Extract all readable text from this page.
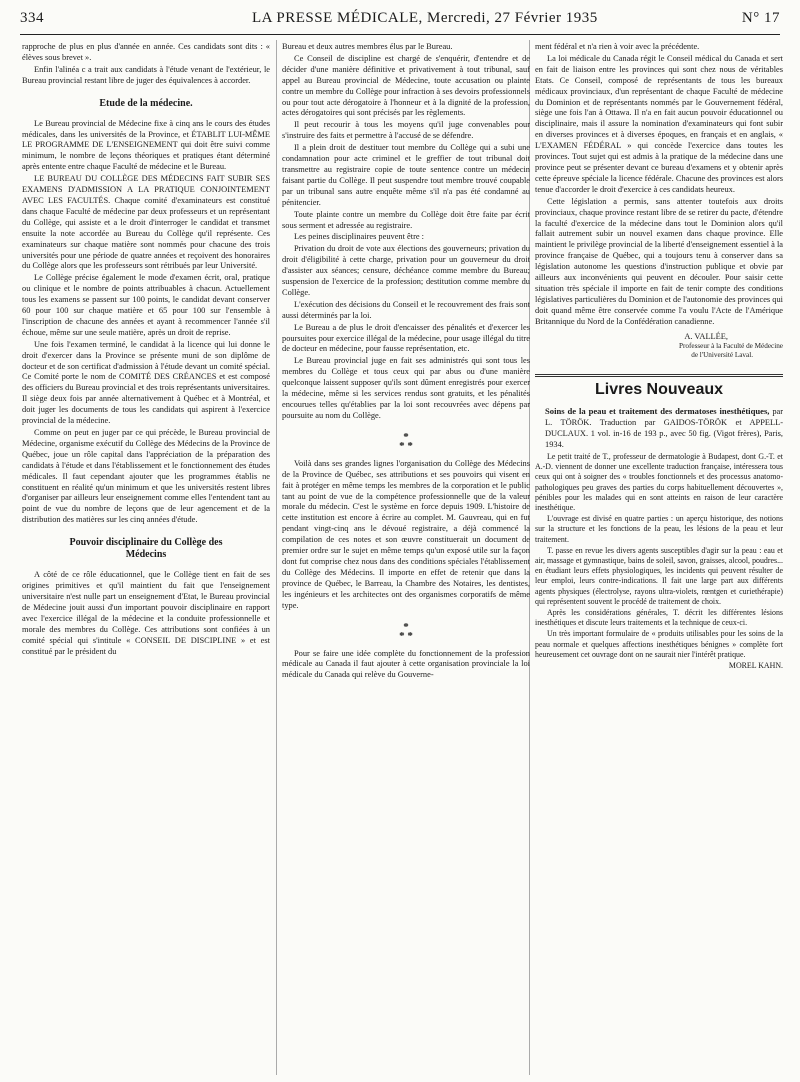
334	LA PRESSE MÉDICALE, Mercredi, 27 Février 1935	N° 17

rapproche de plus en plus d'année en année. Ces candidats sont dits : « élèves sous brevet ».

Enfin l'alinéa c a trait aux candidats à l'étude venant de l'extérieur, le Bureau provincial restant libre de juger des équivalences à accorder.

Etude de la médecine.

Le Bureau provincial de Médecine fixe à cinq ans le cours des études médicales, dans les universités de la Province, et ÉTABLIT LUI-MÊME LE PROGRAMME DE L'ENSEIGNEMENT qui doit être suivi comme minimum, le nombre de leçons théoriques et pratiques étant déterminé après entente entre chaque Faculté de médecine et le Bureau.

LE BUREAU DU COLLÈGE DES MÉDECINS FAIT SUBIR SES EXAMENS D'ADMISSION A LA PRATIQUE CONJOINTEMENT AVEC LES FACULTÉS. Chaque comité d'examinateurs est constitué dans chaque Faculté de médecine par deux professeurs et un représentant du Collège, qui assiste et a le droit d'interroger le candidat et transmet ensuite la note accordée au Bureau du Collège qu'il représente. Ces examinateurs sur chaque matière sont nommés pour chacune des trois universités pour une période de quatre années et reçoivent des honoraires du Collège alors que les professeurs sont rétribués par leur Université.

Le Collège précise également le mode d'examen écrit, oral, pratique ou clinique et le nombre de points attribuables à chacun. Actuellement tous les examens se passent sur 100 points, le candidat devant conserver 60 pour 100 sur chaque matière et 65 pour 100 sur l'ensemble à l'inscription de chacune des années et ayant à recommencer l'année s'il échoue, même sur une seule matière, après un droit de reprise.

Une fois l'examen terminé, le candidat à la licence qui lui donne le droit d'exercer dans la Province se présente muni de son diplôme de docteur et de son certificat d'admission à l'étude devant un comité spécial. Ce Comité porte le nom de COMITÉ DES CRÉANCES et est composé des officiers du Bureau provincial et des trois représentants universitaires. Il siège deux fois par année alternativement à Québec et à Montréal, et doit juger les documents de tous les candidats qui aspirent à l'exercice provincial de la médecine.

Comme on peut en juger par ce qui précède, le Bureau provincial de Médecine, organisme exécutif du Collège des Médecins de la Province de Québec, joue un rôle capital dans l'appréciation de la préparation des candidats à l'étude et dans l'établissement et le fonctionnement des études médicales. Il faut cependant ajouter que les programmes établis ne constituent en réalité qu'un minimum et que les universités restent libres d'organiser par ailleurs leur enseignement comme elles l'entendent tant au point de vue du nombre de leçons que de leur agencement et de la distribution des matières sur les cinq années d'étude.

Pouvoir disciplinaire du Collège des Médecins

A côté de ce rôle éducationnel, que le Collège tient en fait de ses origines primitives et qu'il maintient du fait que l'enseignement universitaire n'est nulle part un enseignement d'Etat, le Bureau provincial de Médecine jouit aussi d'un important pouvoir disciplinaire en rapport avec l'exercice illégal de la médecine et la conduite professionnelle et morale des membres du Collège. Ces attributions sont confiées à un comité spécial qui s'intitule « CONSEIL DE DISCIPLINE » et est constitué par le président du

Bureau et deux autres membres élus par le Bureau.

Ce Conseil de discipline est chargé de s'enquérir, d'entendre et de décider d'une manière définitive et privativement à tout tribunal, sauf appel au Bureau provincial de Médecine, toute accusation ou plainte contre un membre du Collège pour infraction à ses devoirs professionnels ou pour tout acte dérogatoire à l'honneur et à la dignité de la profession, actes dérogatoires qui sont précisés par les règlements.

Il peut recourir à tous les moyens qu'il juge convenables pour s'instruire des faits et permettre à l'accusé de se défendre.

Il a plein droit de destituer tout membre du Collège qui a subi une condamnation pour acte criminel et le greffier de tout tribunal doit transmettre au registraire copie de toute sentence contre un médecin faisant partie du Collège. Il peut suspendre tout membre trouvé coupable par un tribunal sans autre enquête même s'il n'a pas été condamné au pénitencier.

Toute plainte contre un membre du Collège doit être faite par écrit sous serment et adressée au registraire.

Les peines disciplinaires peuvent être :

Privation du droit de vote aux élections des gouverneurs; privation du droit d'éligibilité à cette charge, privation pour un gouverneur du droit d'assister aux séances; censure, déchéance comme membre du Bureau; suspension de l'exercice de la profession; destitution comme membre du Collège.

L'exécution des décisions du Conseil et le recouvrement des frais sont aussi déterminés par la loi.

Le Bureau a de plus le droit d'encaisser des pénalités et d'exercer les poursuites pour exercice illégal de la médecine, pour usage illégal du titre de docteur en médecine, pour fausse représentation, etc.

Le Bureau provincial juge en fait ses administrés qui sont tous les membres du Collège et tous ceux qui par abus ou d'une manière quelconque laissent supposer qu'ils sont dûment enregistrés pour exercer la médecine, même si les services rendus sont gratuits, et les pénalités encourues telles qu'établies par la loi sont recouvrées avec dépens par poursuite au nom du Collège.

*
* *

Voilà dans ses grandes lignes l'organisation du Collège des Médecins de la Province de Québec, ses attributions et ses pouvoirs qui visent en fait à protéger en même temps les membres de la corporation et le public tant au point de vue de la compétence professionnelle que de la valeur morale du médecin. C'est le système en force depuis 1909. L'histoire de cette institution est encore à écrire au complet. M. Gauvreau, qui en fut pendant vingt-cinq ans le dévoué registraire, a déjà commencé la compilation de ces notes et son œuvre constituerait un document de premier ordre sur le sujet en même temps qu'un exposé utile sur la façon dont fut comprise chez nous dans des conditions spéciales l'établissement du Collège des Médecins. Il importe en effet de retenir que dans la province de Québec, le Barreau, la Chambre des Notaires, les dentistes, les ingénieurs et les architectes ont des organismes corporatifs de même type.

*
* *

Pour se faire une idée complète du fonctionnement de la profession médicale au Canada il faut ajouter à cette organisation provinciale la loi médicale du Canada qui relève du Gouverne-

ment fédéral et n'a rien à voir avec la précédente.

La loi médicale du Canada régit le Conseil médical du Canada et sert en fait de liaison entre les provinces qui sont chez nous de véritables Etats. Ce Conseil, composé de représentants de tous les bureaux médicaux provinciaux, d'un représentant de chaque Faculté de médecine du Dominion et de représentants nommés par le Gouvernement fédéral, siège une fois l'an à Ottawa. Il n'a en fait aucun pouvoir éducationnel ou disciplinaire, mais il assure la nomination d'examinateurs qui font subir en diverses provinces et à diverses époques, en français et en anglais, « L'EXAMEN FÉDÉRAL » qui concède l'exercice dans toutes les provinces. Tout sujet qui est admis à la pratique de la médecine dans une province peut se présenter devant ce bureau d'examens et y obtenir après cette épreuve spéciale la licence fédérale. Chacune des provinces est alors tenue d'accorder le droit d'exercice à ces candidats heureux.

Cette législation a permis, sans attenter toutefois aux droits provinciaux, chaque province restant libre de se retirer du pacte, d'étendre la faculté d'exercice de la médecine dans tout le Dominion alors qu'il fallait autrement subir un nouvel examen dans chaque province. Elle maintient le privilège provincial de la liberté d'enseignement essentiel à la province française de Québec, qui a toujours tenu à conserver dans sa législation autonome les questions d'instruction publique et obvie par ailleurs aux inconvénients qui peuvent en découler. Pour saisir cette situation très spéciale il importe en fait de tenir compte des conditions législatives particulières du Dominion et de l'autonomie des provinces qui doit quand même être conservée comme l'a voulu l'Acte de l'Amérique Britannique du Nord de la Confédération canadienne.

A. VALLÉE,
Professeur à la Faculté de Médecine
de l'Université Laval.
Livres Nouveaux

Soins de la peau et traitement des dermatoses inesthétiques, par L. TÖRÖK. Traduction par GAIDOS-TÖRÖK et APPELL-DUCLAUX. 1 vol. in-16 de 193 p., avec 50 fig. (Vigot frères), Paris, 1934.

Le petit traité de T., professeur de dermatologie à Budapest, dont G.-T. et A.-D. viennent de donner une excellente traduction française, intéressera tous ceux qui ont à soigner des « troubles fonctionnels et des processus anatomo-pathologiques peu graves des parties du corps habituellement découvertes », pénibles pour les malades qui en sont atteints en raison de leur caractère inesthétique.

L'ouvrage est divisé en quatre parties : un aperçu historique, des notions sur la structure et les fonctions de la peau, les lésions de la peau et leur traitement.

T. passe en revue les divers agents susceptibles d'agir sur la peau : eau et air, massage et gymnastique, bains de soleil, savon, graisses, alcool, poudres... en étudiant leurs effets physiologiques, les incidents qui peuvent résulter de leur emploi, leurs contre-indications. Il fait une large part aux différents agents physiques (électrolyse, rayons ultra-violets, rœntgen et curiethérapie) qui représentent souvent le procédé de traitement de choix.

Après les considérations générales, T. décrit les différentes lésions inesthétiques et discute leurs traitements et la technique de ceux-ci.

Un très important formulaire de « produits utilisables pour les soins de la peau normale et quelques affections inesthétiques bénignes » complète fort heureusement cet ouvrage dont on ne saurait nier l'intérêt pratique.

MOREL KAHN.
